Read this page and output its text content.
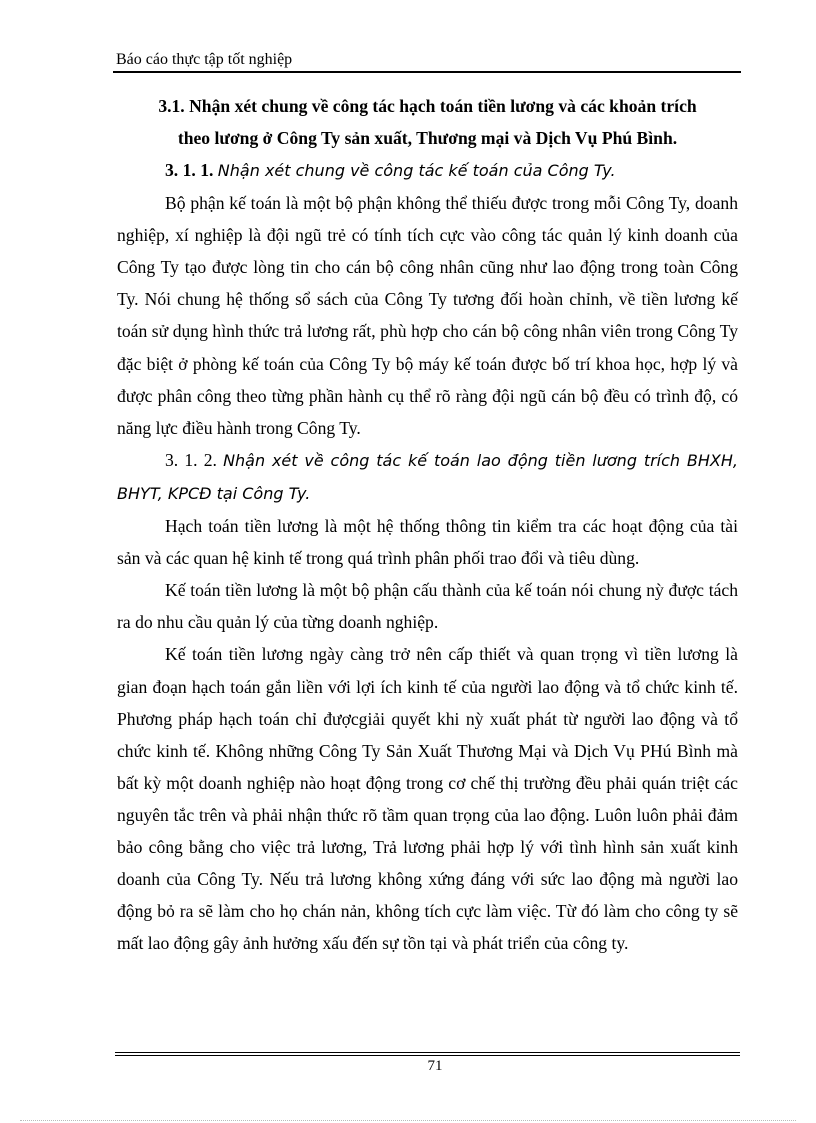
Báo cáo thực tập tốt nghiệp

3.1. Nhận xét chung về công tác hạch toán tiền lương và các khoản trích
theo lương ở Công Ty sản xuất, Thương mại và Dịch Vụ Phú Bình.

3. 1. 1. Nhận xét chung về công tác kế toán của Công Ty.

Bộ phận kế toán là một bộ phận không thể thiếu được trong mỗi Công Ty, doanh nghiệp, xí nghiệp là đội ngũ trẻ có tính tích cực vào công tác quản lý kinh doanh của Công Ty tạo được lòng tin cho cán bộ công nhân cũng như lao động trong toàn Công Ty. Nói chung hệ thống sổ sách của Công Ty tương đối hoàn chỉnh, về tiền lương kế toán sử dụng hình thức trả lương rất, phù hợp cho cán bộ công nhân viên trong Công Ty đặc biệt ở phòng kế toán của Công Ty bộ máy kế toán được bố trí khoa học, hợp lý và được phân công theo từng phần hành cụ thể rõ ràng đội ngũ cán bộ đều có trình độ, có năng lực điều hành trong Công Ty.

3. 1. 2. Nhận xét về công tác kế toán lao động tiền lương trích BHXH, BHYT, KPCĐ tại Công Ty.

Hạch toán tiền lương là một hệ thống thông tin kiểm tra các hoạt động của tài sản và các quan hệ kinh tế trong quá trình phân phối trao đổi và tiêu dùng.

Kế toán tiền lương là một bộ phận cấu thành của kế toán nói chung nỳ được tách ra do nhu cầu quản lý của từng doanh nghiệp.

Kế toán tiền lương ngày càng trở nên cấp thiết và quan trọng vì tiền lương là gian đoạn hạch toán gắn liền với lợi ích kinh tế của người lao động và tổ chức kinh tế. Phương pháp hạch toán chỉ đượcgiải quyết khi nỳ xuất phát từ người lao động và tổ chức kinh tế. Không những Công Ty Sản Xuất Thương Mại và Dịch Vụ PHú Bình mà bất kỳ một doanh nghiệp nào hoạt động trong cơ chế thị trường đều phải quán triệt các nguyên tắc trên và phải nhận thức rõ tầm quan trọng của lao động. Luôn luôn phải đảm bảo công bằng cho việc trả lương, Trả lương phải hợp lý với tình hình sản xuất kinh doanh của Công Ty. Nếu trả lương không xứng đáng với sức lao động mà người lao động bỏ ra sẽ làm cho họ chán nản, không tích cực làm việc. Từ đó làm cho công ty sẽ mất lao động gây ảnh hưởng xấu đến sự tồn tại và phát triển của công ty.

71
